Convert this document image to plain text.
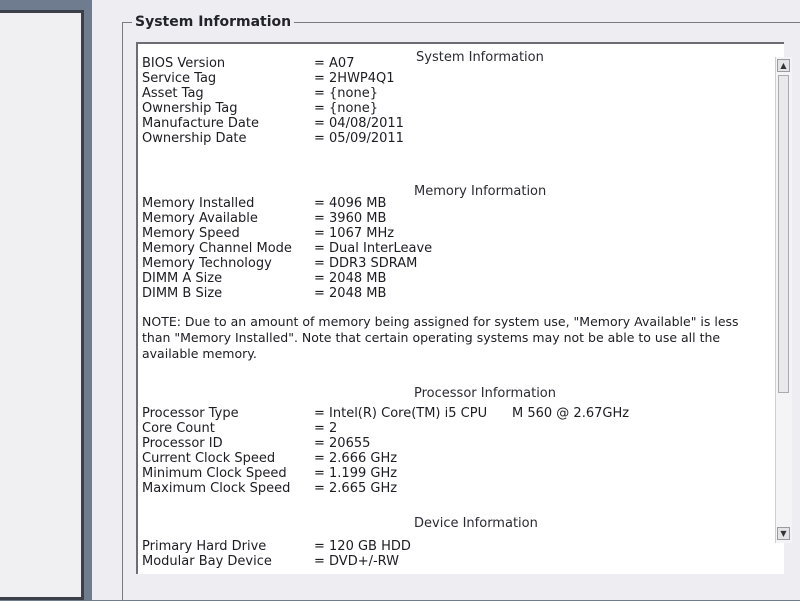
System Information
System Information
BIOS Version	= A07
Service Tag	= 2HWP4Q1
Asset Tag	= {none}
Ownership Tag	= {none}
Manufacture Date	= 04/08/2011
Ownership Date	= 05/09/2011
Memory Information
Memory Installed	= 4096 MB
Memory Available	= 3960 MB
Memory Speed	= 1067 MHz
Memory Channel Mode = Dual InterLeave
Memory Technology	= DDR3 SDRAM
DIMM A Size	= 2048 MB
DIMM B Size	= 2048 MB
NOTE: Due to an amount of memory being assigned for system use, "Memory Available" is less than "Memory Installed". Note that certain operating systems may not be able to use all the available memory.
Processor Information
Processor Type	= Intel(R) Core(TM) i5 CPU M 560 @ 2.67GHz
Core Count	= 2
Processor ID	= 20655
Current Clock Speed	= 2.666 GHz
Minimum Clock Speed = 1.199 GHz
Maximum Clock Speed = 2.665 GHz
Device Information
Primary Hard Drive	= 120 GB HDD
Modular Bay Device	= DVD+/-RW
▲
▼
